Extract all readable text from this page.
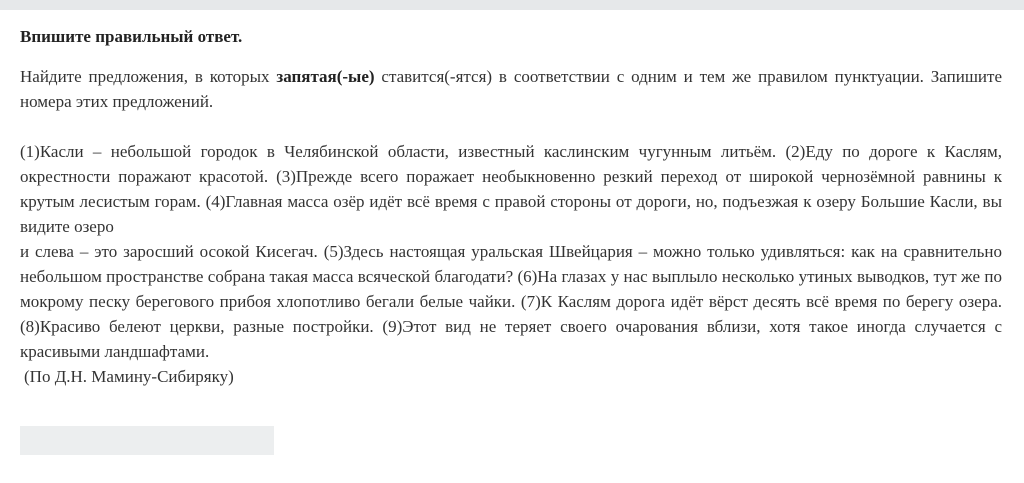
Впишите правильный ответ.

Найдите предложения, в которых запятая(-ые) ставится(-ятся) в соответствии с одним и тем же правилом пунктуации. Запишите номера этих предложений.

(1)Касли – небольшой городок в Челябинской области, известный каслинским чугунным литьём. (2)Еду по дороге к Каслям, окрестности поражают красотой. (3)Прежде всего поражает необыкновенно резкий переход от широкой чернозёмной равнины к крутым лесистым горам. (4)Главная масса озёр идёт всё время с правой стороны от дороги, но, подъезжая к озеру Большие Касли, вы видите озеро
и слева – это заросший осокой Кисегач. (5)Здесь настоящая уральская Швейцария – можно только удивляться: как на сравнительно небольшом пространстве собрана такая масса всяческой благодати? (6)На глазах у нас выплыло несколько утиных выводков, тут же по мокрому песку берегового прибоя хлопотливо бегали белые чайки. (7)К Каслям дорога идёт вёрст десять всё время по берегу озера. (8)Красиво белеют церкви, разные постройки. (9)Этот вид не теряет своего очарования вблизи, хотя такое иногда случается с красивыми ландшафтами.

(По Д.Н. Мамину-Сибиряку)
